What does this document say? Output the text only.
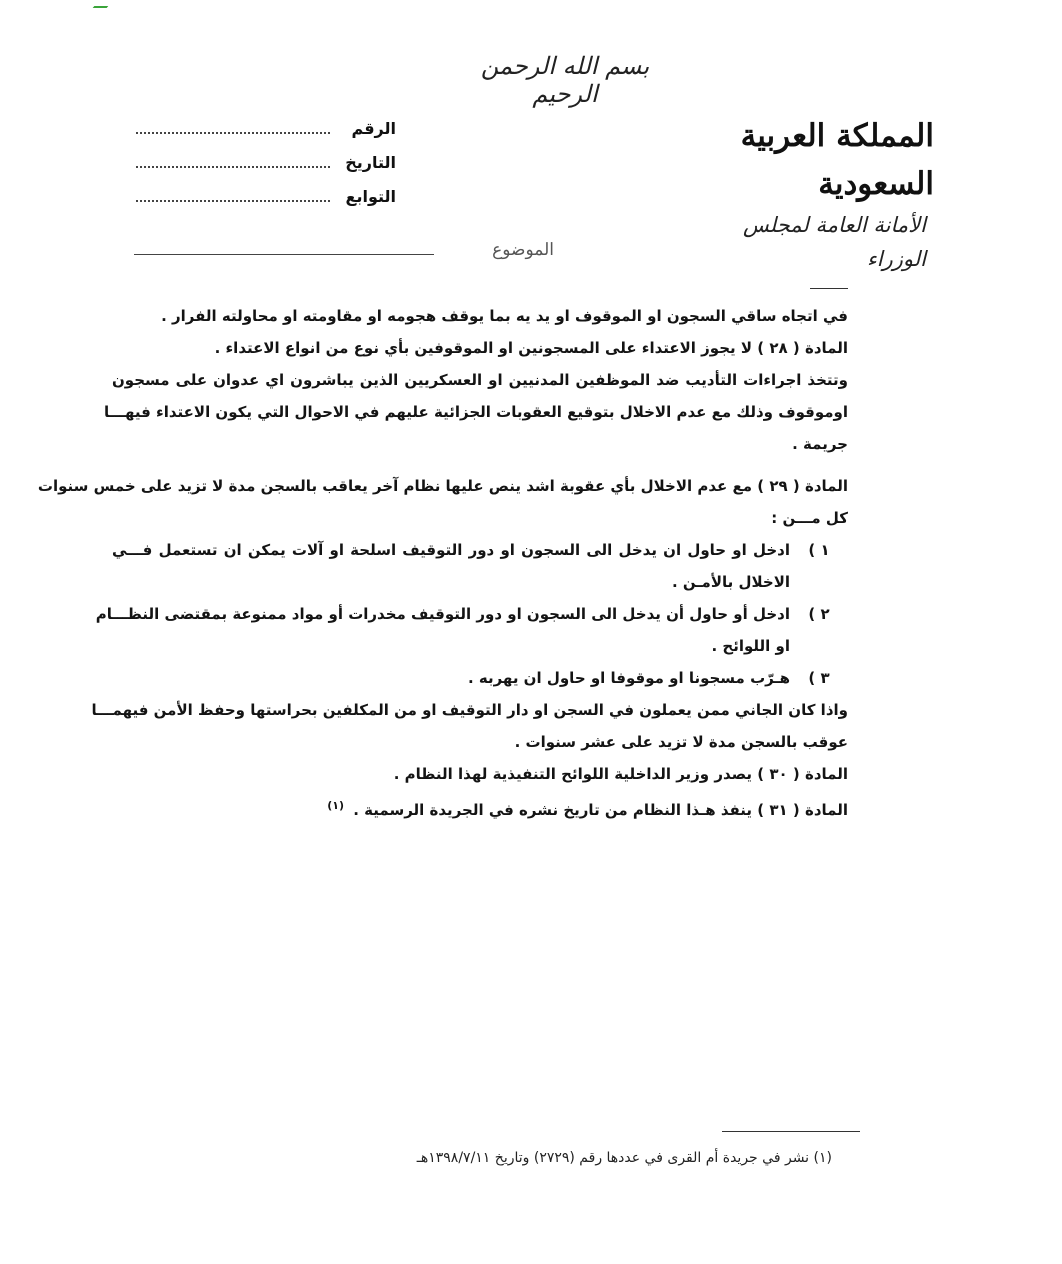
بسم الله الرحمن الرحيم
المملكة العربية السعودية
الأمانة العامة لمجلس الوزراء
الرقم
التاريخ
التوابع
الموضوع
في اتجاه ساقي السجون او الموقوف او يد يه بما يوقف هجومه او مقاومته او محاولته الفرار .
المادة ( ٢٨ ) لا يجوز الاعتداء على المسجونين او الموقوفين بأي نوع من انواع الاعتداء .
وتتخذ اجراءات التأديب ضد الموظفين المدنيين او العسكريين الذين يباشرون اي عدوان على مسجون
اوموقوف وذلك مع عدم الاخلال بتوقيع العقوبات الجزائية عليهم في الاحوال التي يكون الاعتداء فيهـــا
جريمة .
المادة ( ٢٩ ) مع عدم الاخلال بأي عقوبة اشد ينص عليها نظام آخر يعاقب بالسجن مدة لا تزيد على خمس سنوات
كل مـــن :
١ )
ادخل او حاول ان يدخل الى السجون او دور التوقيف اسلحة او آلات يمكن ان تستعمل فـــي
الاخلال بالأمـن .
٢ )
ادخل أو حاول أن يدخل الى السجون او دور التوقيف مخدرات أو مواد ممنوعة بمقتضى النظـــام
او اللوائح .
٣ )
هـرّب مسجونا او موقوفا او حاول ان يهربه .
واذا كان الجاني ممن يعملون في السجن او دار التوقيف او من المكلفين بحراستها وحفظ الأمن فيهمـــا
عوقب بالسجن مدة لا تزيد على عشر سنوات .
المادة ( ٣٠ ) يصدر وزير الداخلية اللوائح التنفيذية لهذا النظام .
المادة ( ٣١ ) ينفذ هـذا النظام من تاريخ نشره في الجريدة الرسمية . $^{(١)}$
(١) نشر في جريدة أم القرى في عددها رقم (٢٧٢٩) وتاريخ ١٣٩٨/٧/١١هـ
